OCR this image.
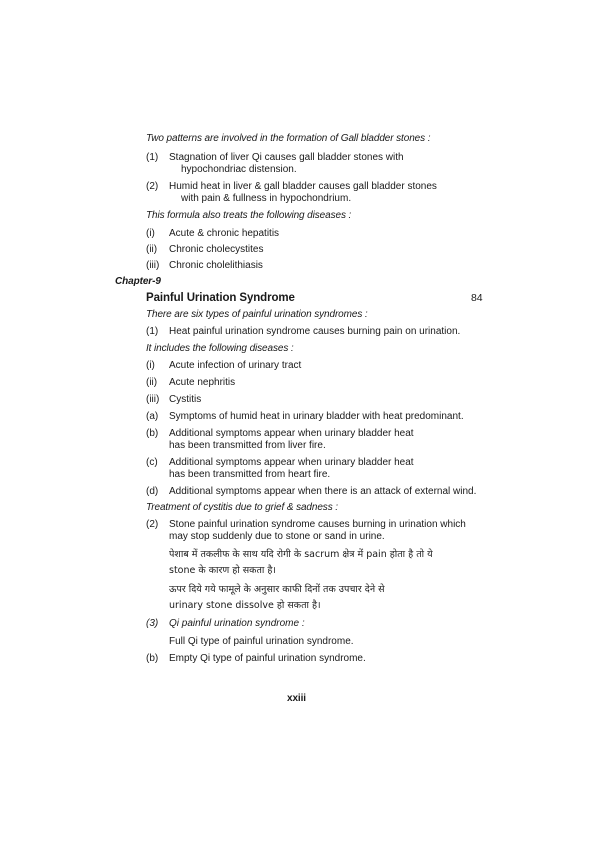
Two patterns are involved in the formation of Gall bladder stones :
(1) Stagnation of liver Qi causes gall bladder stones with
hypochondriac distension.
(2) Humid heat in liver & gall bladder causes gall bladder stones
with pain & fullness in hypochondrium.
This formula also treats the following diseases :
(i) Acute & chronic hepatitis
(ii) Chronic cholecystites
(iii) Chronic cholelithiasis
Chapter-9
Painful Urination Syndrome	84
There are six types of painful urination syndromes :
(1) Heat painful urination syndrome causes burning pain on urination.
It includes the following diseases :
(i) Acute infection of urinary tract
(ii) Acute nephritis
(iii) Cystitis
(a) Symptoms of humid heat in urinary bladder with heat predominant.
(b) Additional symptoms appear when urinary bladder heat
has been transmitted from liver fire.
(c) Additional symptoms appear when urinary bladder heat
has been transmitted from heart fire.
(d) Additional symptoms appear when there is an attack of external wind.
Treatment of cystitis due to grief & sadness :
(2) Stone painful urination syndrome causes burning in urination which
may stop suddenly due to stone or sand in urine.
पेशाब में तकलीफ के साथ यदि रोगी के sacrum क्षेत्र में pain होता है तो ये
stone के कारण हो सकता है।
ऊपर दिये गये फामूले के अनुसार काफी दिनों तक उपचार देने से
urinary stone dissolve हो सकता है।
(3) Qi painful urination syndrome :
Full Qi type of painful urination syndrome.
(b) Empty Qi type of painful urination syndrome.
xxiii
